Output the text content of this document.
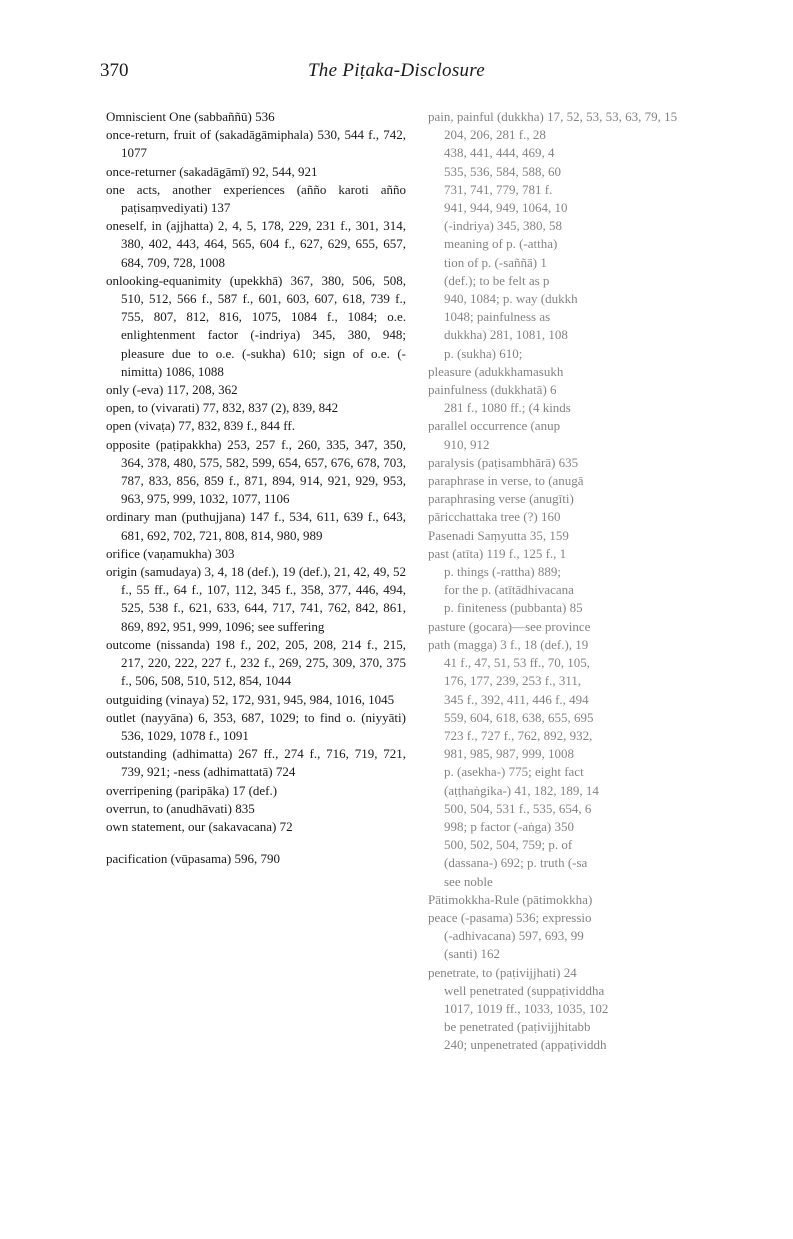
370	The Piṭaka-Disclosure

Omniscient One (sabbaññū) 536

once-return, fruit of (sakadāgāmiphala) 530, 544 f., 742, 1077

once-returner (sakadāgāmī) 92, 544, 921

one acts, another experiences (añño karoti añño paṭisaṃvediyati) 137

oneself, in (ajjhatta) 2, 4, 5, 178, 229, 231 f., 301, 314, 380, 402, 443, 464, 565, 604 f., 627, 629, 655, 657, 684, 709, 728, 1008

onlooking-equanimity (upekkhā) 367, 380, 506, 508, 510, 512, 566 f., 587 f., 601, 603, 607, 618, 739 f., 755, 807, 812, 816, 1075, 1084 f., 1084; o.e. enlightenment factor (-indriya) 345, 380, 948; pleasure due to o.e. (-sukha) 610; sign of o.e. (-nimitta) 1086, 1088

only (-eva) 117, 208, 362

open, to (vivarati) 77, 832, 837 (2), 839, 842

open (vivaṭa) 77, 832, 839 f., 844 ff.

opposite (paṭipakkha) 253, 257 f., 260, 335, 347, 350, 364, 378, 480, 575, 582, 599, 654, 657, 676, 678, 703, 787, 833, 856, 859 f., 871, 894, 914, 921, 929, 953, 963, 975, 999, 1032, 1077, 1106

ordinary man (puthujjana) 147 f., 534, 611, 639 f., 643, 681, 692, 702, 721, 808, 814, 980, 989

orifice (vaṇamukha) 303

origin (samudaya) 3, 4, 18 (def.), 19 (def.), 21, 42, 49, 52 f., 55 ff., 64 f., 107, 112, 345 f., 358, 377, 446, 494, 525, 538 f., 621, 633, 644, 717, 741, 762, 842, 861, 869, 892, 951, 999, 1096; see suffering

outcome (nissanda) 198 f., 202, 205, 208, 214 f., 215, 217, 220, 222, 227 f., 232 f., 269, 275, 309, 370, 375 f., 506, 508, 510, 512, 854, 1044

outguiding (vinaya) 52, 172, 931, 945, 984, 1016, 1045

outlet (nayyāna) 6, 353, 687, 1029; to find o. (niyyāti) 536, 1029, 1078 f., 1091

outstanding (adhimatta) 267 ff., 274 f., 716, 719, 721, 739, 921; -ness (adhimattatā) 724

overripening (paripāka) 17 (def.)

overrun, to (anudhāvati) 835

own statement, our (sakavacana) 72

pacification (vūpasama) 596, 790

pain, painful (dukkha) 17, 52, 53, 53, 63, 79, 15
204, 206, 281 f., 28
438, 441, 444, 469, 4
535, 536, 584, 588, 60
731, 741, 779, 781 f.
941, 944, 949, 1064, 10
(-indriya) 345, 380, 58
meaning of p. (-attha)
tion of p. (-saññā) 1
(def.); to be felt as p
940, 1084; p. way (dukkh
1048; painfulness as
dukkha) 281, 1081, 108
p. (sukha) 610;
pleasure (adukkhamasukh
painfulness (dukkhatā) 6
281 f., 1080 ff.; (4 kinds
parallel occurrence (anup
910, 912
paralysis (paṭisambhārā) 635
paraphrase in verse, to (anugā
paraphrasing verse (anugīti)
pāricchattaka tree (?) 160
Pasenadi Saṃyutta 35, 159
past (atīta) 119 f., 125 f., 1
p. things (-rattha) 889;
for the p. (atītādhivacana
p. finiteness (pubbanta) 85
pasture (gocara)—see province
path (magga) 3 f., 18 (def.), 19
41 f., 47, 51, 53 ff., 70, 105,
176, 177, 239, 253 f., 311,
345 f., 392, 411, 446 f., 494
559, 604, 618, 638, 655, 695
723 f., 727 f., 762, 892, 932,
981, 985, 987, 999, 1008
p. (asekha-) 775; eight fact
(aṭṭhaṅgika-) 41, 182, 189, 14
500, 504, 531 f., 535, 654, 6
998; p factor (-aṅga) 350
500, 502, 504, 759; p. of
(dassana-) 692; p. truth (-sa
see noble
Pātimokkha-Rule (pātimokkha)
peace (-pasama) 536; expressio
(-adhivacana) 597, 693, 99
(santi) 162
penetrate, to (paṭivijjhati) 24
well penetrated (suppaṭividdha
1017, 1019 ff., 1033, 1035, 102
be penetrated (paṭivijjhitabb
240; unpenetrated (appaṭividdh
